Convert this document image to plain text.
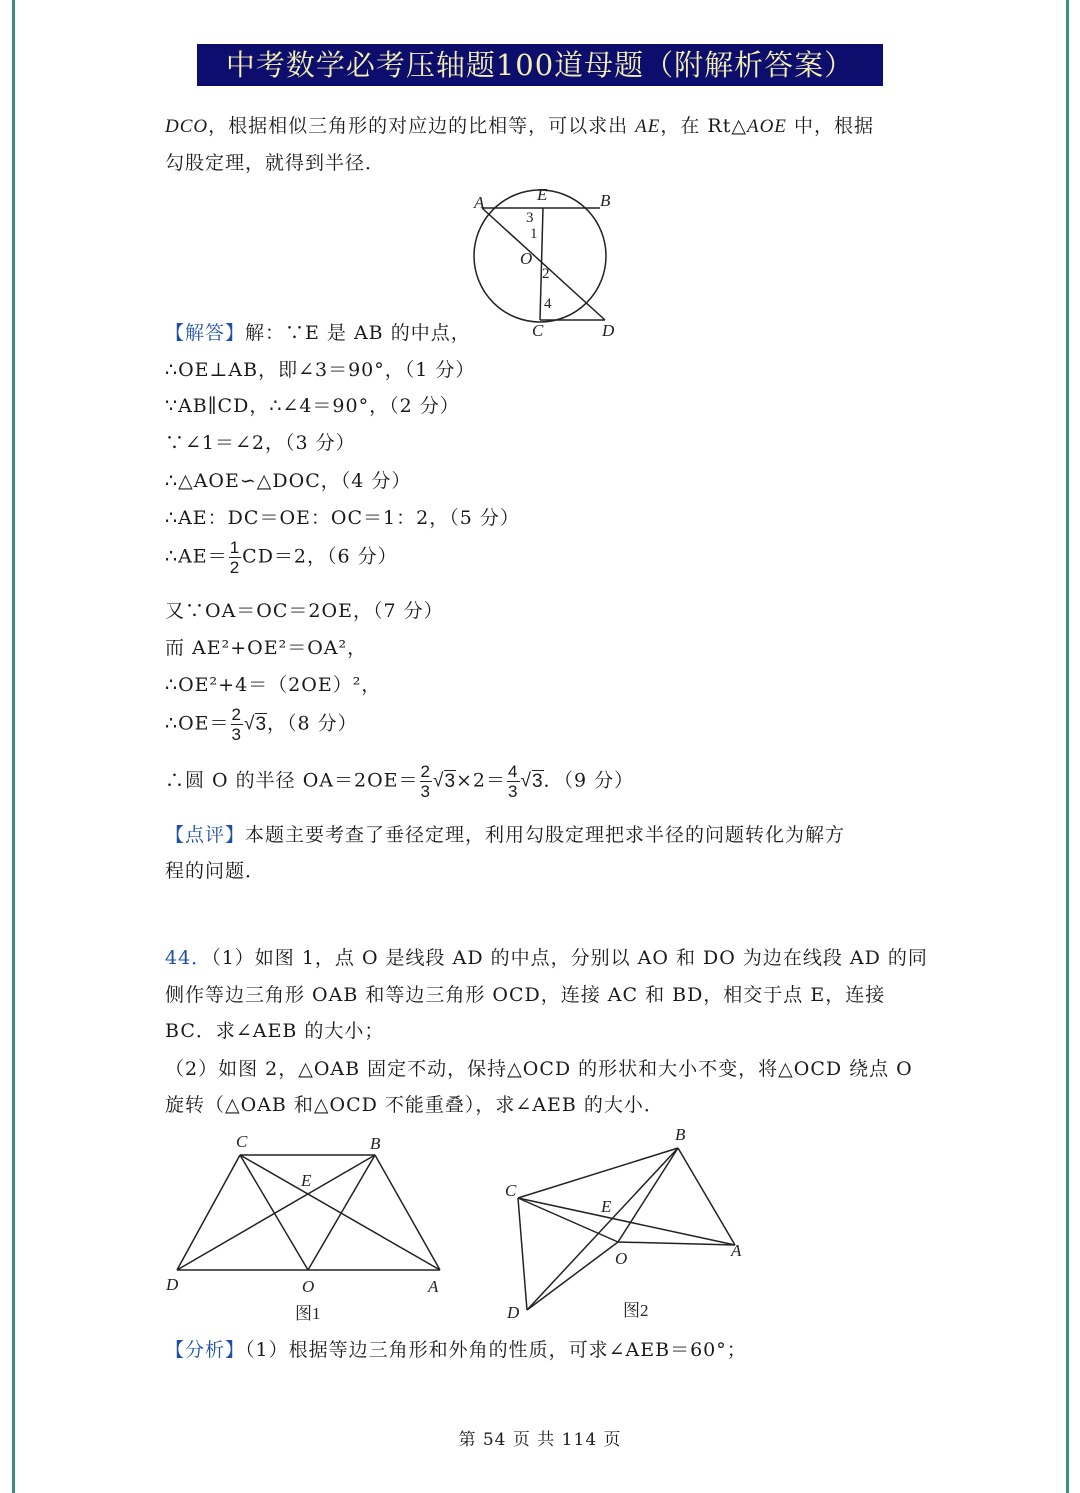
中考数学必考压轴题100道母题（附解析答案）
DCO，根据相似三角形的对应边的比相等，可以求出 AE，在 Rt△AOE 中，根据
勾股定理，就得到半径．
A	E	B
O
C	D
3
1
2
4
【解答】解：∵E 是 AB 的中点，
∴OE⊥AB，即∠3＝90°，（1 分）
∵AB∥CD，∴∠4＝90°，（2 分）
∵∠1＝∠2，（3 分）
∴△AOE∽△DOC，（4 分）
∴AE：DC＝OE：OC＝1：2，（5 分）
∴AE＝ $\frac{1}{2} CD=2$，（6 分）
又∵OA＝OC＝2OE，（7 分）
而 AE²+OE²＝OA²，
∴OE²+4＝（2OE）²，
∴OE＝ $\frac{2}{3} √3$，（8 分）
∴圆 O 的半径 $OA=2OE= \frac{2}{3} √3\times 2= \frac{4}{3} √3$．（9 分）
【点评】本题主要考查了垂径定理，利用勾股定理把求半径的问题转化为解方
程的问题．
44．（1）如图 1，点 O 是线段 AD 的中点，分别以 AO 和 DO 为边在线段 AD 的同
侧作等边三角形 OAB 和等边三角形 OCD，连接 AC 和 BD，相交于点 E，连接
BC．求∠AEB 的大小；
（2）如图 2，△OAB 固定不动，保持△OCD 的形状和大小不变，将△OCD 绕点 O
旋转（△OAB 和△OCD 不能重叠），求∠AEB 的大小．
C	B
E
D	O	A
图1
B
C
E
O	A
D	图2
【分析】（1）根据等边三角形和外角的性质，可求∠AEB＝60°；
第 54 页 共 114 页
